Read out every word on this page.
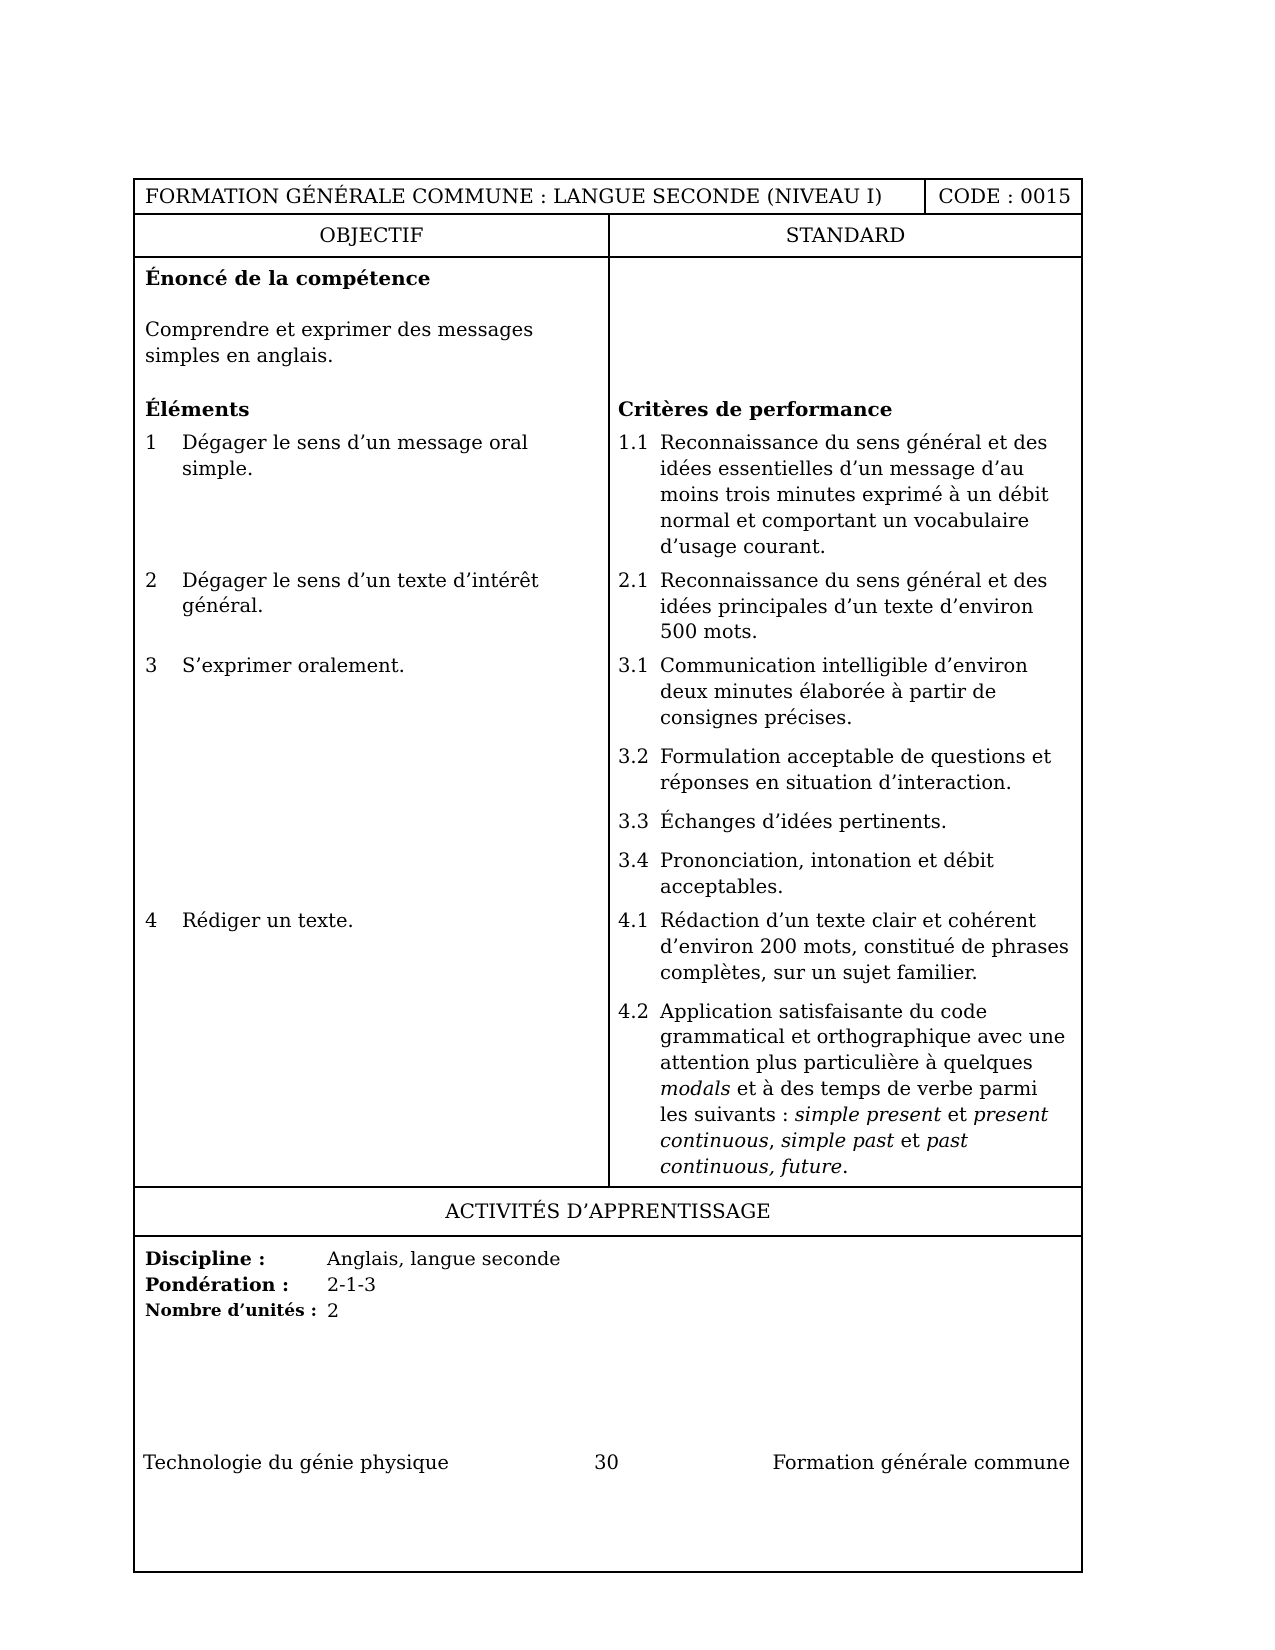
FORMATION GÉNÉRALE COMMUNE : LANGUE SECONDE (NIVEAU I)	CODE : 0015
OBJECTIF	STANDARD
Énoncé de la compétence
Comprendre et exprimer des messages simples en anglais.
Éléments	Critères de performance
1	Dégager le sens d’un message oral simple.
1.1 Reconnaissance du sens général et des idées essentielles d’un message d’au moins trois minutes exprimé à un débit normal et comportant un vocabulaire d’usage courant.
2	Dégager le sens d’un texte d’intérêt général.
2.1 Reconnaissance du sens général et des idées principales d’un texte d’environ 500 mots.
3	S’exprimer oralement.	3.1 Communication intelligible d’environ deux minutes élaborée à partir de consignes précises.
3.2 Formulation acceptable de questions et réponses en situation d’interaction.
3.3 Échanges d’idées pertinents.
3.4 Prononciation, intonation et débit acceptables.
4	Rédiger un texte.	4.1 Rédaction d’un texte clair et cohérent d’environ 200 mots, constitué de phrases complètes, sur un sujet familier.
4.2 Application satisfaisante du code grammatical et orthographique avec une attention plus particulière à quelques modals et à des temps de verbe parmi les suivants : simple present et present continuous, simple past et past continuous, future.
ACTIVITÉS D’APPRENTISSAGE
Discipline :	Anglais, langue seconde
Pondération :	2-1-3
Nombre d’unités : 2
Technologie du génie physique	30	Formation générale commune
